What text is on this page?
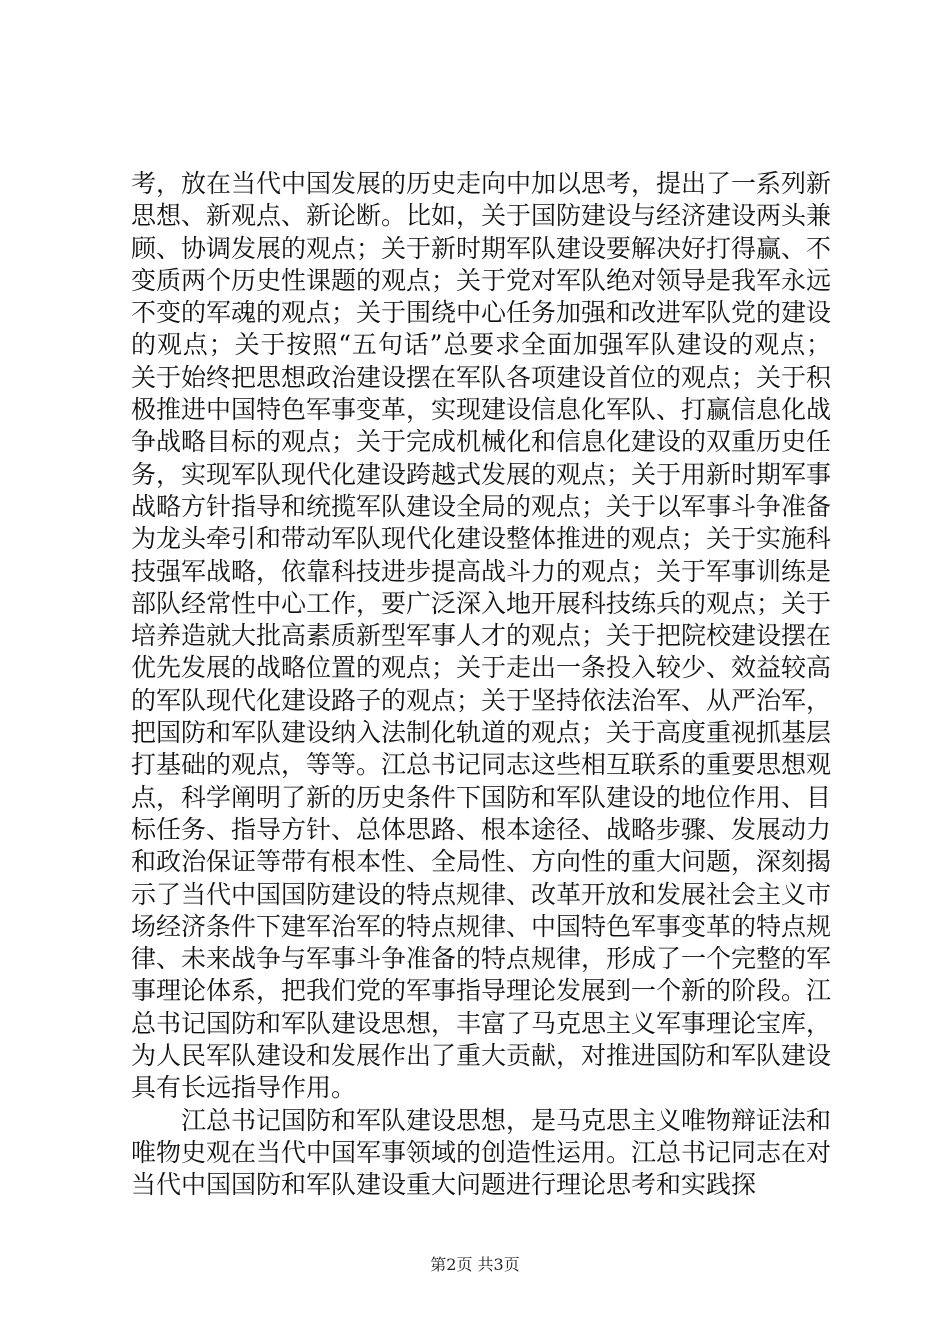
考，放在当代中国发展的历史走向中加以思考，提出了一系列新思想、新观点、新论断。比如，关于国防建设与经济建设两头兼顾、协调发展的观点；关于新时期军队建设要解决好打得赢、不变质两个历史性课题的观点；关于党对军队绝对领导是我军永远不变的军魂的观点；关于围绕中心任务加强和改进军队党的建设的观点；关于按照“五句话”总要求全面加强军队建设的观点；关于始终把思想政治建设摆在军队各项建设首位的观点；关于积极推进中国特色军事变革，实现建设信息化军队、打赢信息化战争战略目标的观点；关于完成机械化和信息化建设的双重历史任务，实现军队现代化建设跨越式发展的观点；关于用新时期军事战略方针指导和统揽军队建设全局的观点；关于以军事斗争准备为龙头牵引和带动军队现代化建设整体推进的观点；关于实施科技强军战略，依靠科技进步提高战斗力的观点；关于军事训练是部队经常性中心工作，要广泛深入地开展科技练兵的观点；关于培养造就大批高素质新型军事人才的观点；关于把院校建设摆在优先发展的战略位置的观点；关于走出一条投入较少、效益较高的军队现代化建设路子的观点；关于坚持依法治军、从严治军，把国防和军队建设纳入法制化轨道的观点；关于高度重视抓基层打基础的观点，等等。江总书记同志这些相互联系的重要思想观点，科学阐明了新的历史条件下国防和军队建设的地位作用、目标任务、指导方针、总体思路、根本途径、战略步骤、发展动力和政治保证等带有根本性、全局性、方向性的重大问题，深刻揭示了当代中国国防建设的特点规律、改革开放和发展社会主义市场经济条件下建军治军的特点规律、中国特色军事变革的特点规律、未来战争与军事斗争准备的特点规律，形成了一个完整的军事理论体系，把我们党的军事指导理论发展到一个新的阶段。江总书记国防和军队建设思想，丰富了马克思主义军事理论宝库，为人民军队建设和发展作出了重大贡献，对推进国防和军队建设具有长远指导作用。

江总书记国防和军队建设思想，是马克思主义唯物辩证法和唯物史观在当代中国军事领域的创造性运用。江总书记同志在对当代中国国防和军队建设重大问题进行理论思考和实践探

第2页 共3页
